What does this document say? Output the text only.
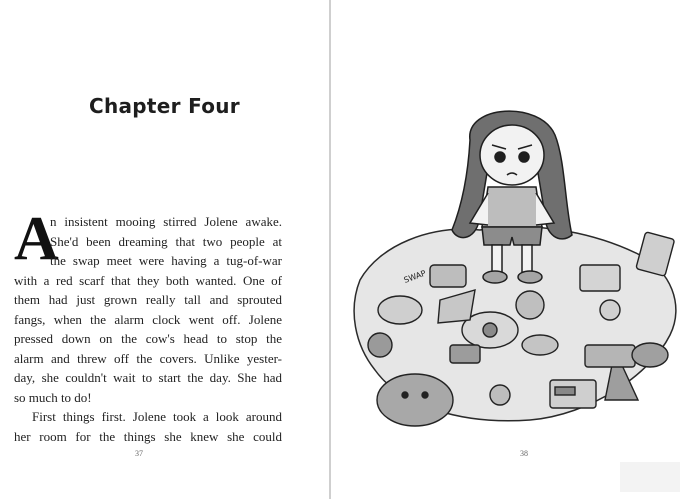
Chapter Four
A
n insistent mooing stirred Jolene awake.
She'd been dreaming that two people at
the swap meet were having a tug-of-war
with a red scarf that they both wanted. One of
them had just grown really tall and sprouted
fangs, when the alarm clock went off. Jolene
pressed down on the cow's head to stop the
alarm and threw off the covers. Unlike yester-
day, she couldn't wait to start the day. She had
so much to do!
First things first. Jolene took a look around
her room for the things she knew she could
37	38
SWAP
